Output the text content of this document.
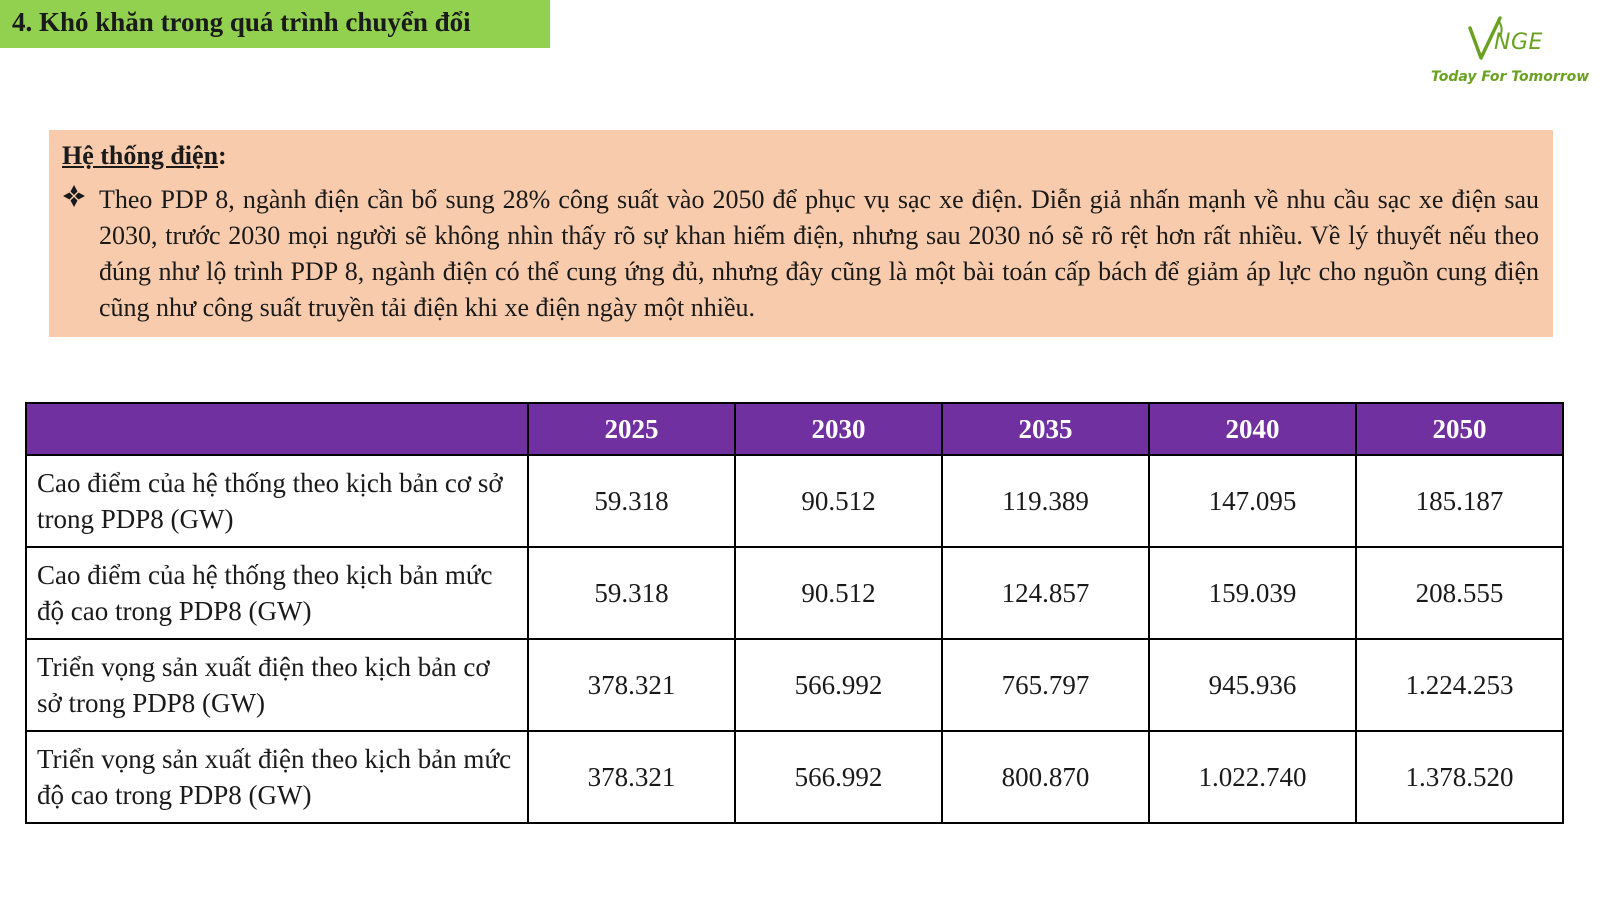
4. Khó khăn trong quá trình chuyển đổi
NGE
Today For Tomorrow
Hệ thống điện:
Theo PDP 8, ngành điện cần bổ sung 28% công suất vào 2050 để phục vụ sạc xe điện. Diễn giả nhấn mạnh về nhu cầu sạc xe điện sau 2030, trước 2030 mọi người sẽ không nhìn thấy rõ sự khan hiếm điện, nhưng sau 2030 nó sẽ rõ rệt hơn rất nhiều. Về lý thuyết nếu theo đúng như lộ trình PDP 8, ngành điện có thể cung ứng đủ, nhưng đây cũng là một bài toán cấp bách để giảm áp lực cho nguồn cung điện cũng như công suất truyền tải điện khi xe điện ngày một nhiều.
	2025	2030	2035	2040	2050
Cao điểm của hệ thống theo kịch bản cơ sở trong PDP8 (GW)	59.318	90.512	119.389	147.095	185.187
Cao điểm của hệ thống theo kịch bản mức độ cao trong PDP8 (GW)	59.318	90.512	124.857	159.039	208.555
Triển vọng sản xuất điện theo kịch bản cơ sở trong PDP8 (GW)	378.321	566.992	765.797	945.936	1.224.253
Triển vọng sản xuất điện theo kịch bản mức độ cao trong PDP8 (GW)	378.321	566.992	800.870	1.022.740	1.378.520
